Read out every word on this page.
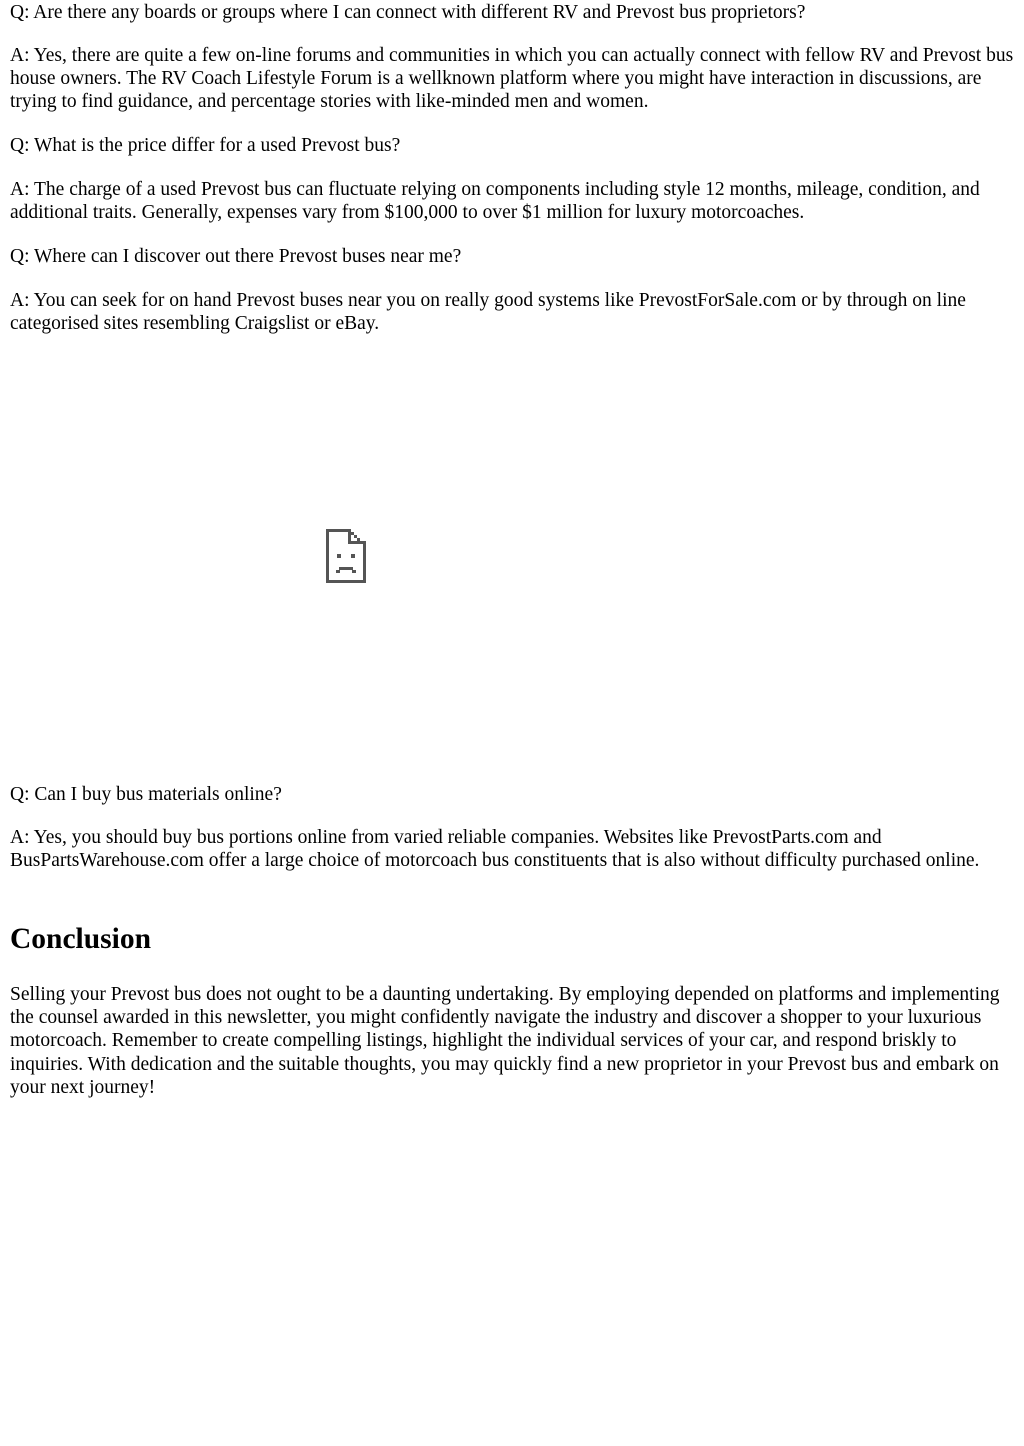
Q: Are there any boards or groups where I can connect with different RV and Prevost bus proprietors?

A: Yes, there are quite a few on-line forums and communities in which you can actually connect with fellow RV and Prevost bus house owners. The RV Coach Lifestyle Forum is a wellknown platform where you might have interaction in discussions, are trying to find guidance, and percentage stories with like-minded men and women.

Q: What is the price differ for a used Prevost bus?

A: The charge of a used Prevost bus can fluctuate relying on components including style 12 months, mileage, condition, and additional traits. Generally, expenses vary from $100,000 to over $1 million for luxury motorcoaches.

Q: Where can I discover out there Prevost buses near me?

A: You can seek for on hand Prevost buses near you on really good systems like PrevostForSale.com or by through on line categorised sites resembling Craigslist or eBay.

Q: Can I buy bus materials online?

A: Yes, you should buy bus portions online from varied reliable companies. Websites like PrevostParts.com and BusPartsWarehouse.com offer a large choice of motorcoach bus constituents that is also without difficulty purchased online.

Conclusion

Selling your Prevost bus does not ought to be a daunting undertaking. By employing depended on platforms and implementing the counsel awarded in this newsletter, you might confidently navigate the industry and discover a shopper to your luxurious motorcoach. Remember to create compelling listings, highlight the individual services of your car, and respond briskly to inquiries. With dedication and the suitable thoughts, you may quickly find a new proprietor in your Prevost bus and embark on your next journey!
